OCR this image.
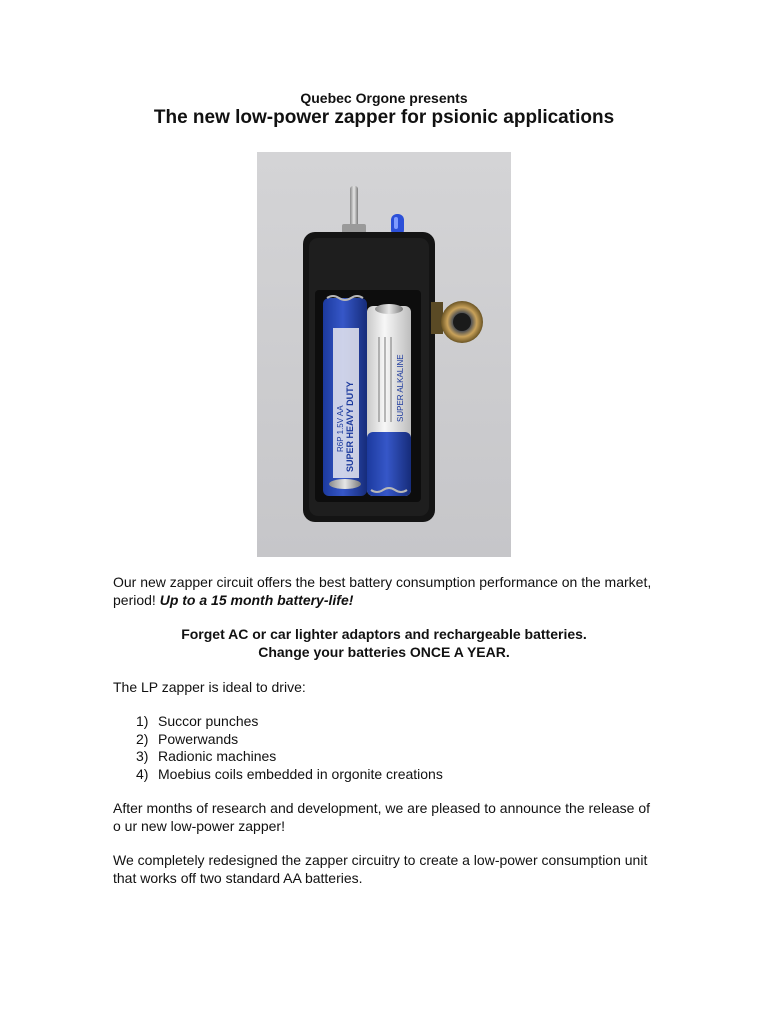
Quebec Orgone presents
The new low-power zapper for psionic applications
SUPER HEAVY DUTY
R6P 1.5V AA
SUPER ALKALINE
Our new zapper circuit offers the best battery consumption performance on the market, period! Up to a 15 month battery-life!
Forget AC or car lighter adaptors and rechargeable batteries.
Change your batteries ONCE A YEAR.
The LP zapper is ideal to drive:
1) Succor punches
2) Powerwands
3) Radionic machines
4) Moebius coils embedded in orgonite creations
After months of research and development, we are pleased to announce the release of o ur new low-power zapper!
We completely redesigned the zapper circuitry to create a low-power consumption unit that works off two standard AA batteries.
